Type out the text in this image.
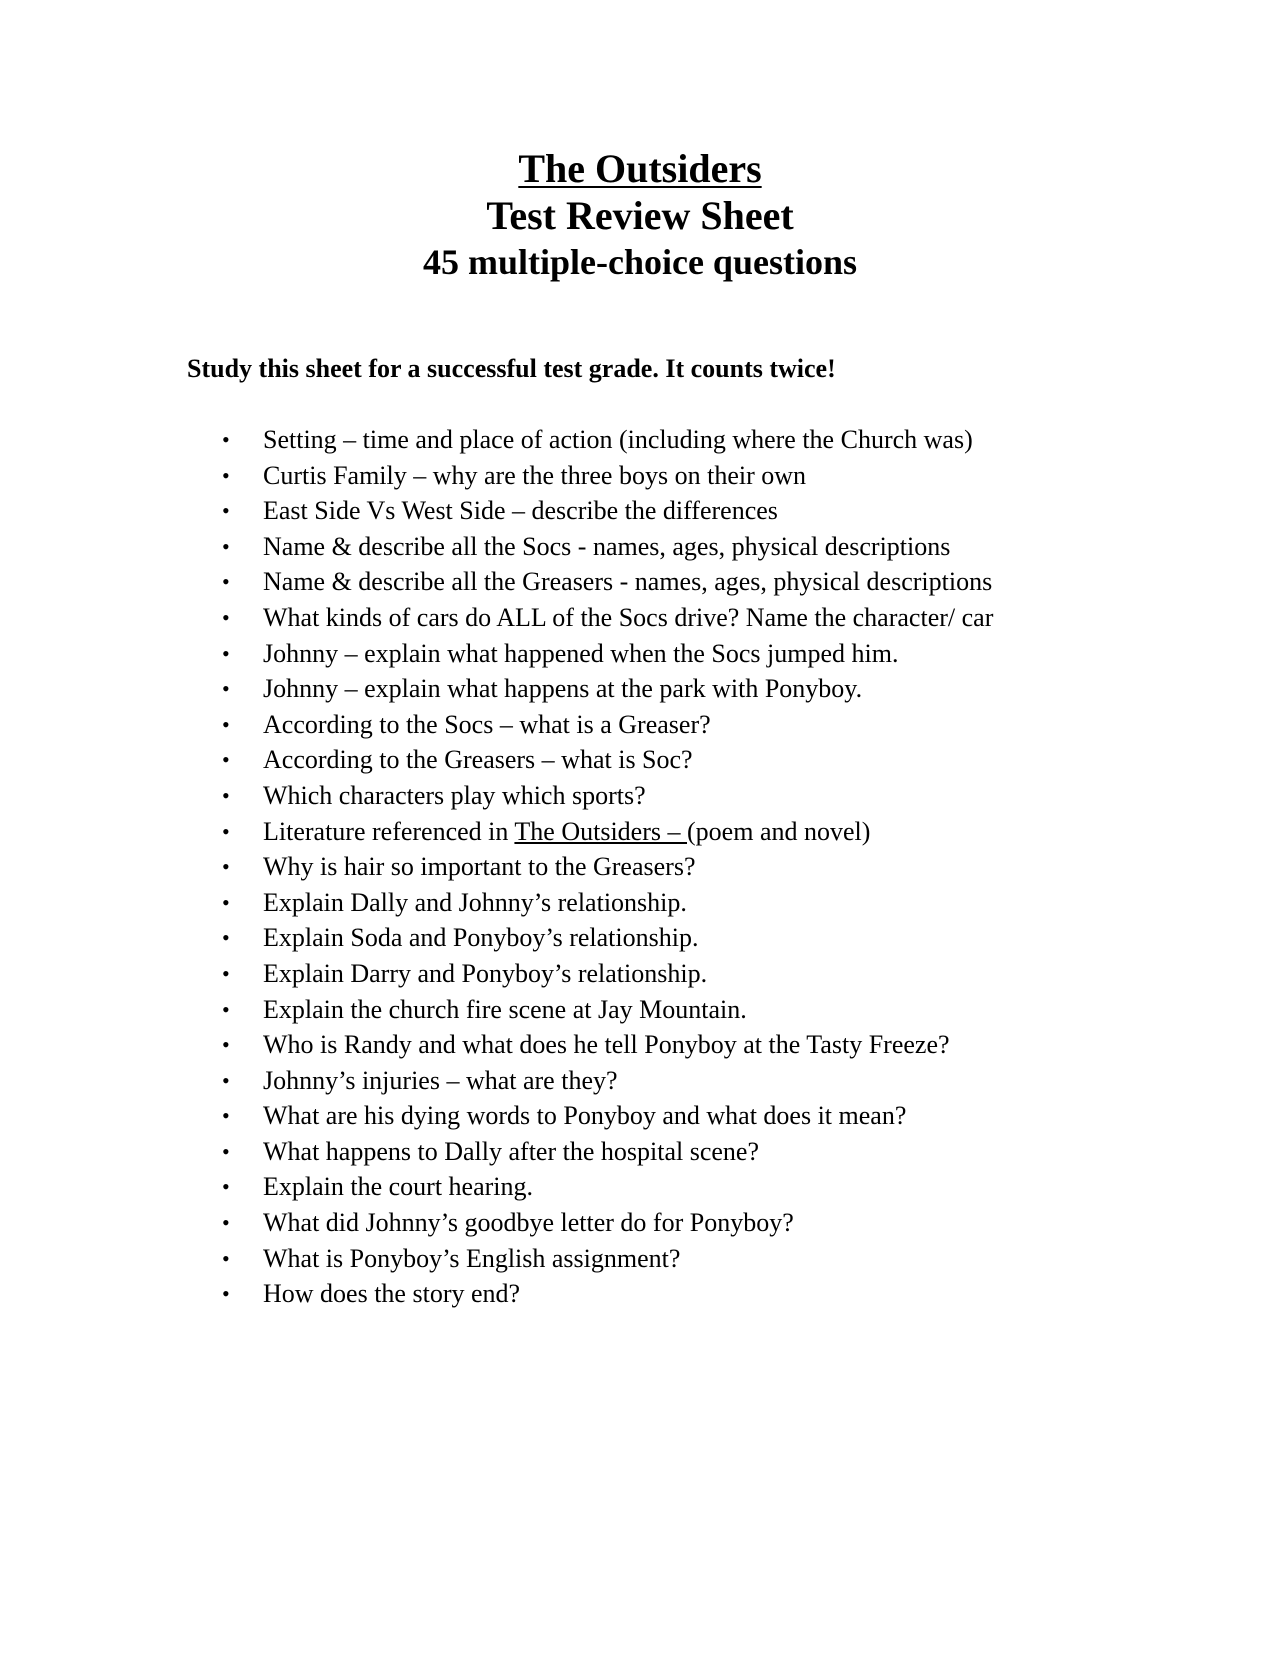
The Outsiders
Test Review Sheet
45 multiple-choice questions
Study this sheet for a successful test grade. It counts twice!
• Setting – time and place of action (including where the Church was)
• Curtis Family – why are the three boys on their own
• East Side Vs West Side – describe the differences
• Name & describe all the Socs - names, ages, physical descriptions
• Name & describe all the Greasers - names, ages, physical descriptions
• What kinds of cars do ALL of the Socs drive? Name the character/ car
• Johnny – explain what happened when the Socs jumped him.
• Johnny – explain what happens at the park with Ponyboy.
• According to the Socs – what is a Greaser?
• According to the Greasers – what is Soc?
• Which characters play which sports?
• Literature referenced in The Outsiders – (poem and novel)
• Why is hair so important to the Greasers?
• Explain Dally and Johnny’s relationship.
• Explain Soda and Ponyboy’s relationship.
• Explain Darry and Ponyboy’s relationship.
• Explain the church fire scene at Jay Mountain.
• Who is Randy and what does he tell Ponyboy at the Tasty Freeze?
• Johnny’s injuries – what are they?
• What are his dying words to Ponyboy and what does it mean?
• What happens to Dally after the hospital scene?
• Explain the court hearing.
• What did Johnny’s goodbye letter do for Ponyboy?
• What is Ponyboy’s English assignment?
• How does the story end?
